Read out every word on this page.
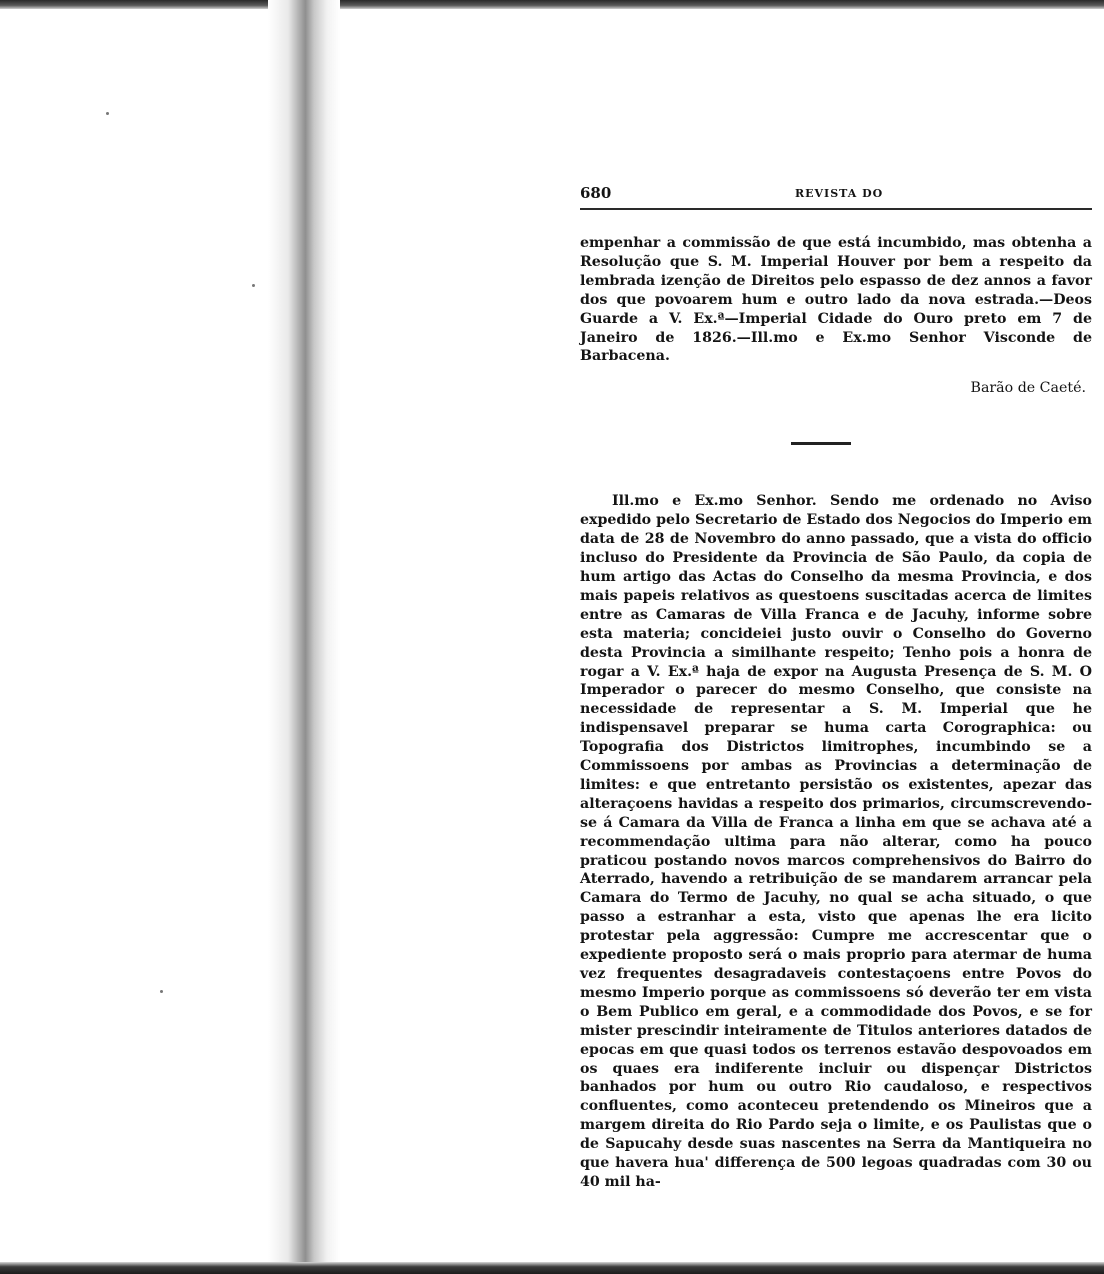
680	REVISTA DO

empenhar a commissão de que está incumbido, mas obtenha a Resolução que S. M. Imperial Houver por bem a respeito da lembrada izenção de Direitos pelo espasso de dez annos a favor dos que povoarem hum e outro lado da nova estrada.—Deos Guarde a V. Ex.ª—Imperial Cidade do Ouro preto em 7 de Janeiro de 1826.—Ill.mo e Ex.mo Senhor Visconde de Barbacena.

Barão de Caeté.

Ill.mo e Ex.mo Senhor. Sendo me ordenado no Aviso expedido pelo Secretario de Estado dos Negocios do Imperio em data de 28 de Novembro do anno passado, que a vista do officio incluso do Presidente da Provincia de São Paulo, da copia de hum artigo das Actas do Conselho da mesma Provincia, e dos mais papeis relativos as questoens suscitadas acerca de limites entre as Camaras de Villa Franca e de Jacuhy, informe sobre esta materia; concideiei justo ouvir o Conselho do Governo desta Provincia a similhante respeito; Tenho pois a honra de rogar a V. Ex.ª haja de expor na Augusta Presença de S. M. O Imperador o parecer do mesmo Conselho, que consiste na necessidade de representar a S. M. Imperial que he indispensavel preparar se huma carta Corographica: ou Topografia dos Districtos limitrophes, incumbindo se a Commissoens por ambas as Provincias a determinação de limites: e que entretanto persistão os existentes, apezar das alteraçoens havidas a respeito dos primarios, circumscrevendo-se á Camara da Villa de Franca a linha em que se achava até a recommendação ultima para não alterar, como ha pouco praticou postando novos marcos comprehensivos do Bairro do Aterrado, havendo a retribuição de se mandarem arrancar pela Camara do Termo de Jacuhy, no qual se acha situado, o que passo a estranhar a esta, visto que apenas lhe era licito protestar pela aggressão: Cumpre me accrescentar que o expediente proposto será o mais proprio para atermar de huma vez frequentes desagradaveis contestaçoens entre Povos do mesmo Imperio porque as commissoens só deverão ter em vista o Bem Publico em geral, e a commodidade dos Povos, e se for mister prescindir inteiramente de Titulos anteriores datados de epocas em que quasi todos os terrenos estavão despovoados em os quaes era indiferente incluir ou dispençar Districtos banhados por hum ou outro Rio caudaloso, e respectivos confluentes, como aconteceu pretendendo os Mineiros que a margem direita do Rio Pardo seja o limite, e os Paulistas que o de Sapucahy desde suas nascentes na Serra da Mantiqueira no que havera hua' differença de 500 legoas quadradas com 30 ou 40 mil ha-
